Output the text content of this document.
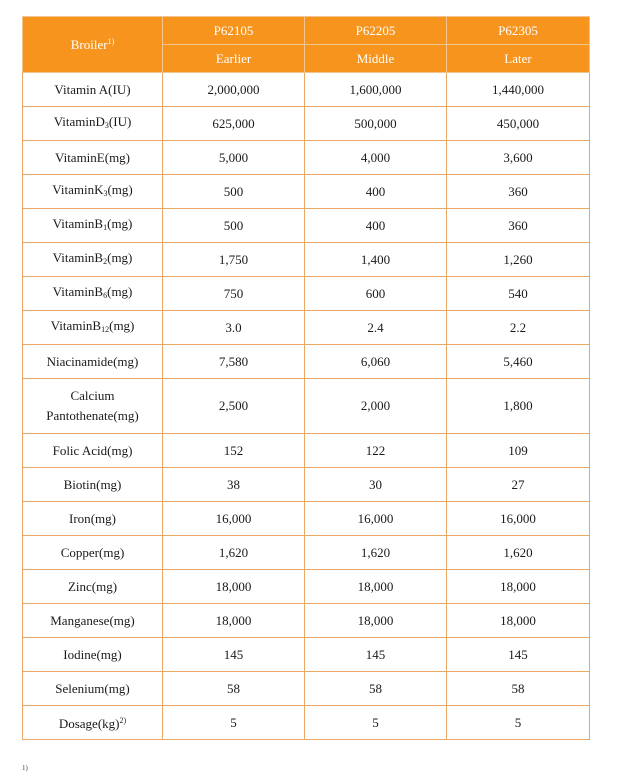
Broiler$^{1)}$	P62105	P62205	P62305
	Earlier	Middle	Later
Vitamin A(IU)	2,000,000	1,600,000	1,440,000
VitaminD$_3$(IU)	625,000	500,000	450,000
VitaminE(mg)	5,000	4,000	3,600
VitaminK$_3$(mg)	500	400	360
VitaminB$_1$(mg)	500	400	360
VitaminB$_2$(mg)	1,750	1,400	1,260
VitaminB$_6$(mg)	750	600	540
VitaminB$_{12}$(mg)	3.0	2.4	2.2
Niacinamide(mg)	7,580	6,060	5,460
Calcium
Pantothenate(mg)	2,500	2,000	1,800
Folic Acid(mg)	152	122	109
Biotin(mg)	38	30	27
Iron(mg)	16,000	16,000	16,000
Copper(mg)	1,620	1,620	1,620
Zinc(mg)	18,000	18,000	18,000
Manganese(mg)	18,000	18,000	18,000
Iodine(mg)	145	145	145
Selenium(mg)	58	58	58
Dosage(kg)$^{2)}$	5	5	5
1)
